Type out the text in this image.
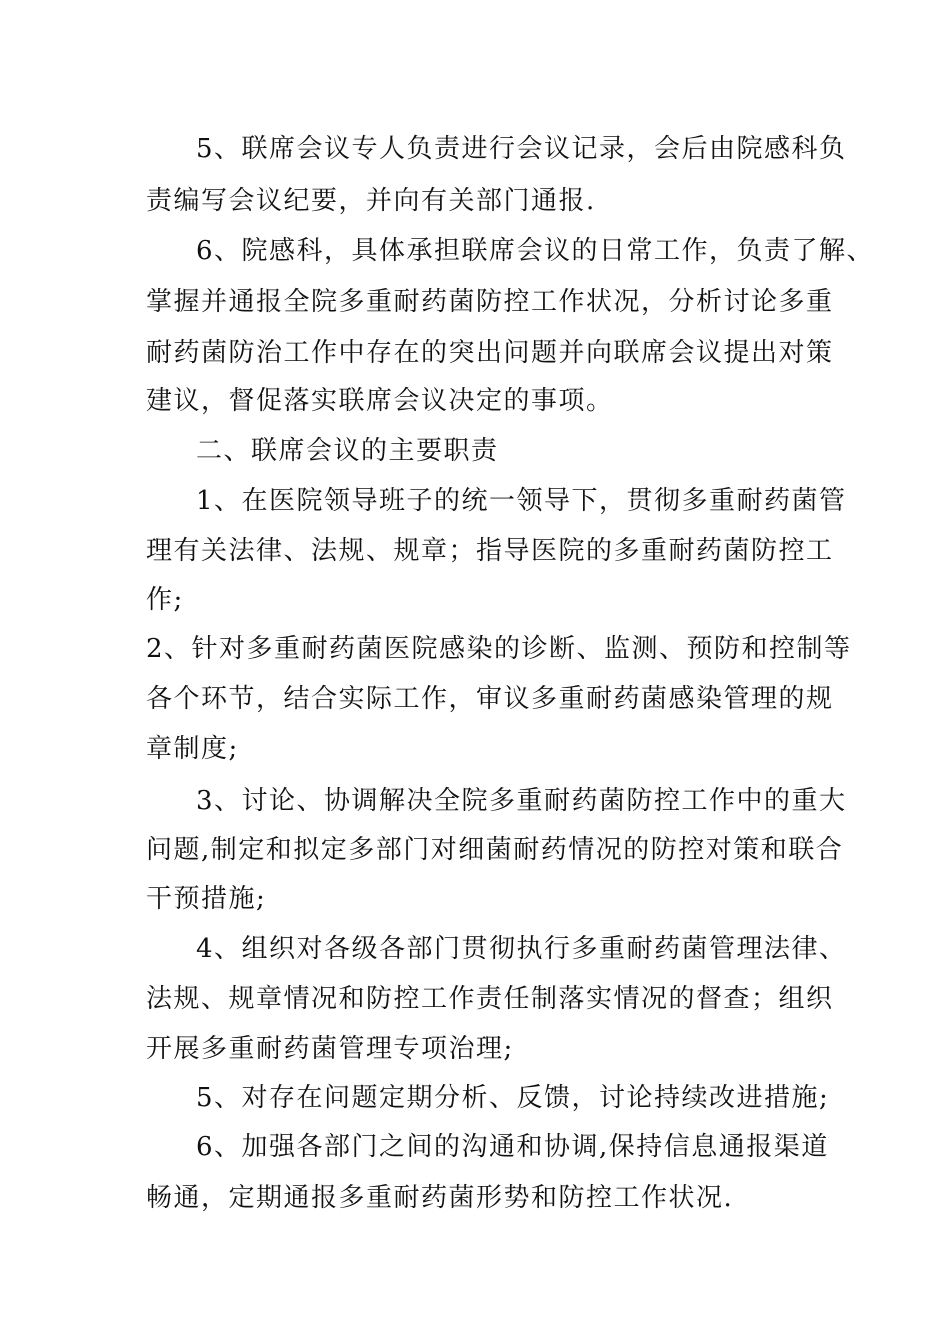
5、联席会议专人负责进行会议记录，会后由院感科负
责编写会议纪要，并向有关部门通报.
6、院感科，具体承担联席会议的日常工作，负责了解、
掌握并通报全院多重耐药菌防控工作状况，分析讨论多重
耐药菌防治工作中存在的突出问题并向联席会议提出对策
建议，督促落实联席会议决定的事项。
二、联席会议的主要职责
1、在医院领导班子的统一领导下，贯彻多重耐药菌管
理有关法律、法规、规章；指导医院的多重耐药菌防控工
作;
2、针对多重耐药菌医院感染的诊断、监测、预防和控制等
各个环节，结合实际工作，审议多重耐药菌感染管理的规
章制度;
3、讨论、协调解决全院多重耐药菌防控工作中的重大
问题,制定和拟定多部门对细菌耐药情况的防控对策和联合
干预措施;
4、组织对各级各部门贯彻执行多重耐药菌管理法律、
法规、规章情况和防控工作责任制落实情况的督查；组织
开展多重耐药菌管理专项治理;
5、对存在问题定期分析、反馈，讨论持续改进措施;
6、加强各部门之间的沟通和协调,保持信息通报渠道
畅通，定期通报多重耐药菌形势和防控工作状况.
